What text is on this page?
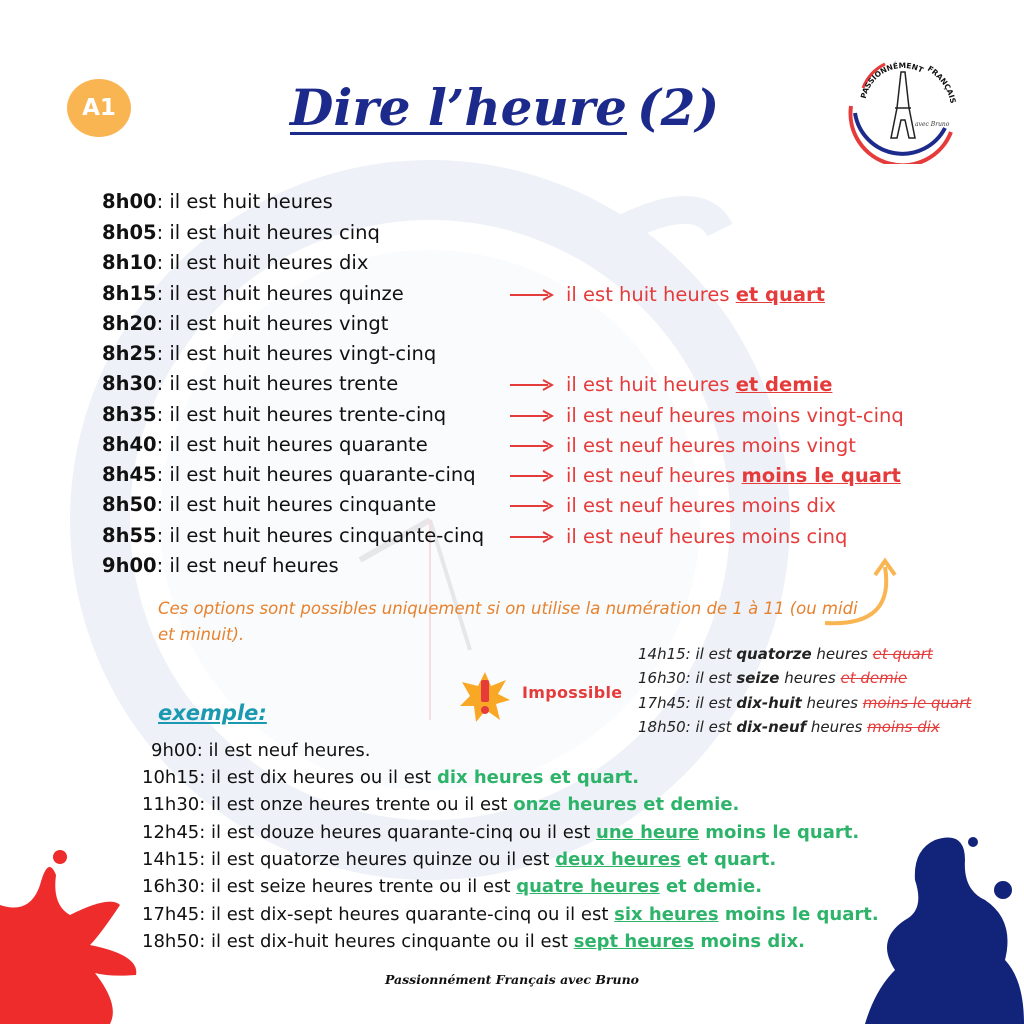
A1	Dire l’heure (2)	PASSIONNÉMENT FRANÇAIS
avec Bruno
8h00: il est huit heures
8h05: il est huit heures cinq
8h10: il est huit heures dix
8h15: il est huit heures quinze
8h20: il est huit heures vingt
8h25: il est huit heures vingt-cinq
8h30: il est huit heures trente
8h35: il est huit heures trente-cinq
8h40: il est huit heures quarante
8h45: il est huit heures quarante-cinq
8h50: il est huit heures cinquante
8h55: il est huit heures cinquante-cinq
9h00: il est neuf heures
il est huit heures et quart
il est huit heures et demie
il est neuf heures moins vingt-cinq
il est neuf heures moins vingt
il est neuf heures moins le quart
il est neuf heures moins dix
il est neuf heures moins cinq
Ces options sont possibles uniquement si on utilise la numération de 1 à 11 (ou midi et minuit).
Impossible
14h15: il est quatorze heures et quart
16h30: il est seize heures et demie
17h45: il est dix-huit heures moins le quart
18h50: il est dix-neuf heures moins dix
exemple:
9h00: il est neuf heures.
10h15: il est dix heures ou il est dix heures et quart.
11h30: il est onze heures trente ou il est onze heures et demie.
12h45: il est douze heures quarante-cinq ou il est une heure moins le quart.
14h15: il est quatorze heures quinze ou il est deux heures et quart.
16h30: il est seize heures trente ou il est quatre heures et demie.
17h45: il est dix-sept heures quarante-cinq ou il est six heures moins le quart.
18h50: il est dix-huit heures cinquante ou il est sept heures moins dix.
Passionnément Français avec Bruno
